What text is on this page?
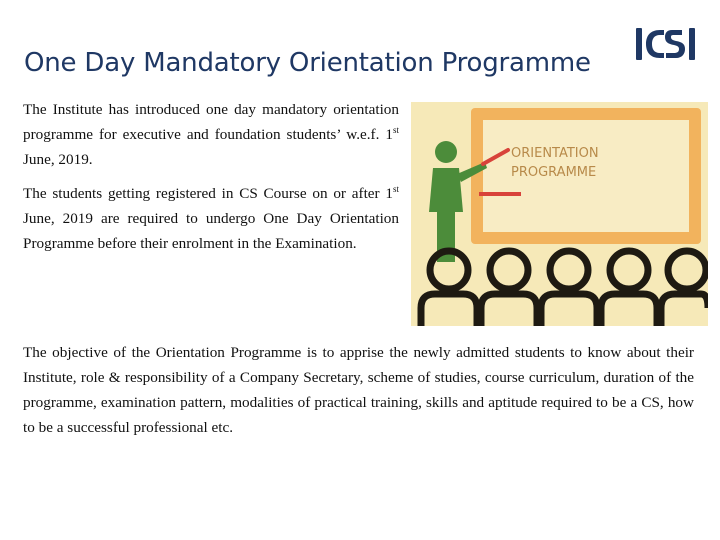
One Day Mandatory Orientation Programme

The Institute has introduced one day mandatory orientation programme for executive and foundation students’ w.e.f. 1st June, 2019.

The students getting registered in CS Course on or after 1st June, 2019 are required to undergo One Day Orientation Programme before their enrolment in the Examination.

The objective of the Orientation Programme is to apprise the newly admitted students to know about their Institute, role & responsibility of a Company Secretary, scheme of studies, course curriculum, duration of the programme, examination pattern, modalities of practical training, skills and aptitude required to be a CS, how to be a successful professional etc.

ORIENTATION
PROGRAMME
